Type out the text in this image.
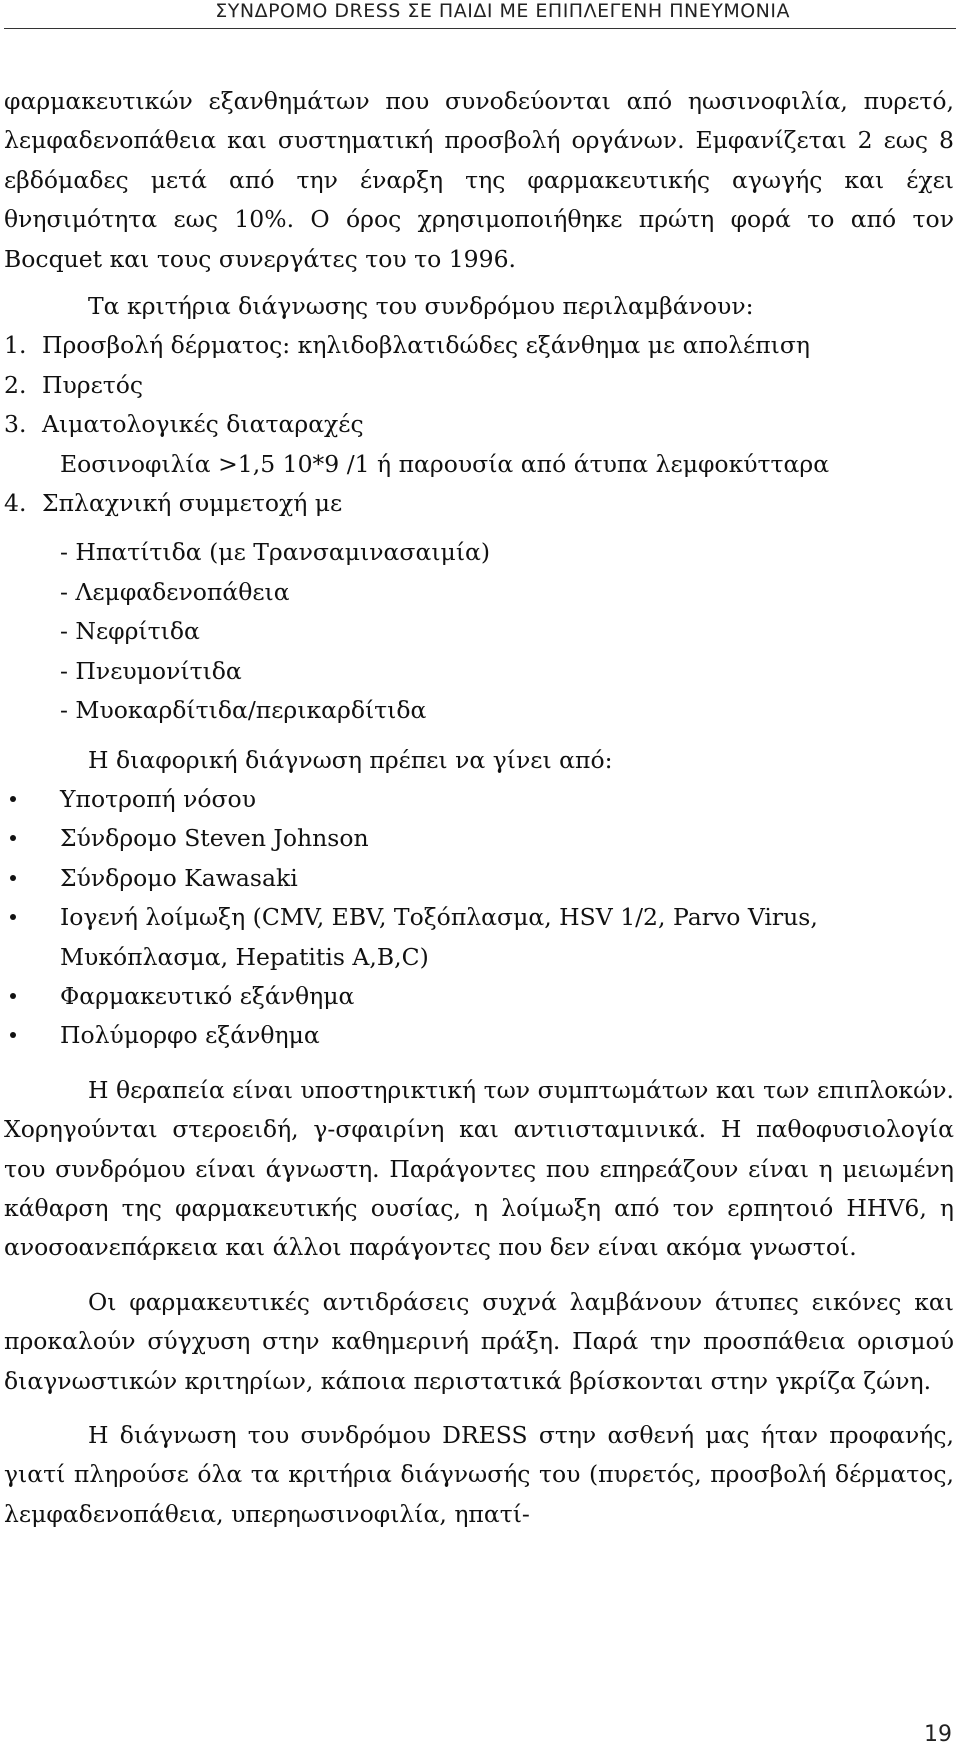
ΣΥΝΔΡΟΜΟ DRESS ΣΕ ΠΑΙΔΙ ΜΕ ΕΠΙΠΛΕΓΕΝΗ ΠΝΕΥΜΟΝΙΑ

φαρμακευτικών εξανθημάτων που συνοδεύονται από ηωσινοφιλία, πυρετό, λεμφαδενοπάθεια και συστηματική προσβολή οργάνων. Εμφανίζεται 2 εως 8 εβδόμαδες μετά από την έναρξη της φαρμακευτικής αγωγής και έχει θνησιμότητα εως 10%. Ο όρος χρησιμοποιήθηκε πρώτη φορά το από τον Bocquet και τους συνεργάτες του το 1996.

Τα κριτήρια διάγνωσης του συνδρόμου περιλαμβάνουν:

1. Προσβολή δέρματος: κηλιδοβλατιδώδες εξάνθημα με απολέπιση
2. Πυρετός
3. Αιματολογικές διαταραχές

Εοσινοφιλία >1,5 10*9 /1 ή παρουσία από άτυπα λεμφοκύτταρα

4. Σπλαχνική συμμετοχή με

- Ηπατίτιδα (με Τρανσαμινασαιμία)

- Λεμφαδενοπάθεια

- Νεφρίτιδα

- Πνευμονίτιδα

- Μυοκαρδίτιδα/περικαρδίτιδα

Η διαφορική διάγνωση πρέπει να γίνει από:

Υποτροπή νόσου
Σύνδρομο Steven Johnson
Σύνδρομο Kawasaki
Ιογενή λοίμωξη (CMV, EBV, Τοξόπλασμα, HSV 1/2, Parvo Virus, Μυκόπλασμα, Hepatitis A,B,C)
Φαρμακευτικό εξάνθημα
Πολύμορφο εξάνθημα

Η θεραπεία είναι υποστηρικτική των συμπτωμάτων και των επιπλοκών. Χορηγούνται στεροειδή, γ-σφαιρίνη και αντιισταμινικά. Η παθοφυσιολογία του συνδρόμου είναι άγνωστη. Παράγοντες που επηρεάζουν είναι η μειωμένη κάθαρση της φαρμακευτικής ουσίας, η λοίμωξη από τον ερπητοιό HHV6, η ανοσοανεπάρκεια και άλλοι παράγοντες που δεν είναι ακόμα γνωστοί.

Οι φαρμακευτικές αντιδράσεις συχνά λαμβάνουν άτυπες εικόνες και προκαλούν σύγχυση στην καθημερινή πράξη. Παρά την προσπάθεια ορισμού διαγνωστικών κριτηρίων, κάποια περιστατικά βρίσκονται στην γκρίζα ζώνη.

Η διάγνωση του συνδρόμου DRESS στην ασθενή μας ήταν προφανής, γιατί πληρούσε όλα τα κριτήρια διάγνωσής του (πυρετός, προσβολή δέρματος, λεμφαδενοπάθεια, υπερηωσινοφιλία, ηπατί-

19
